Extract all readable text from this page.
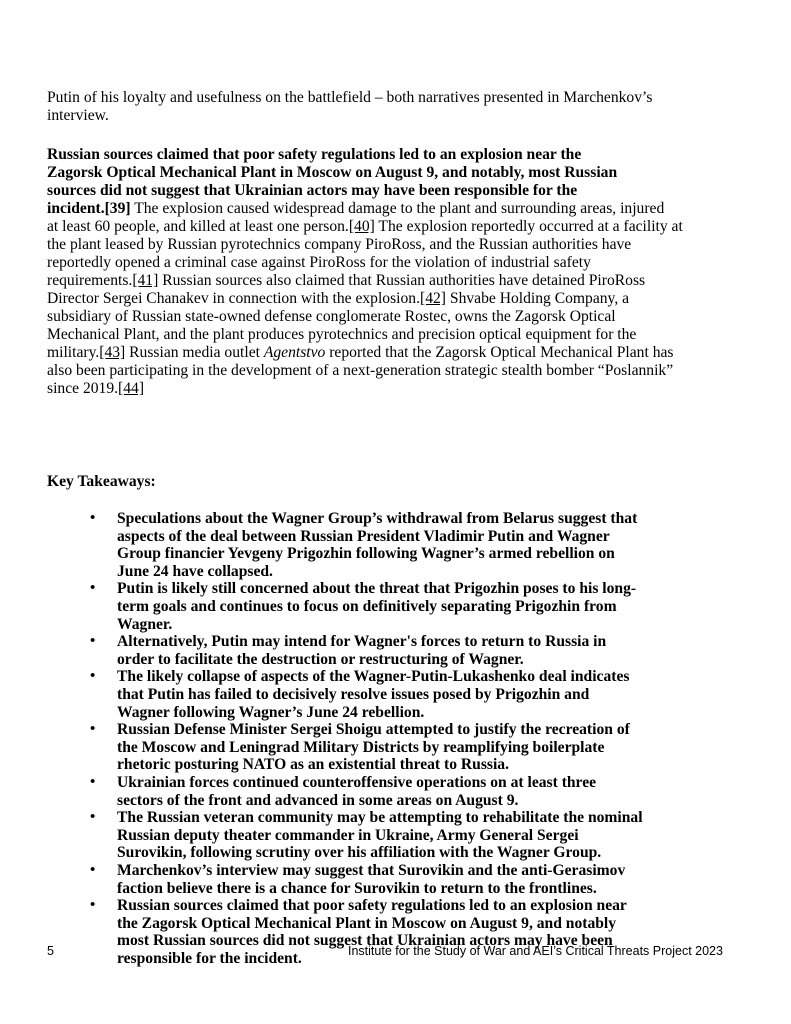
Putin of his loyalty and usefulness on the battlefield – both narratives presented in Marchenkov’s
interview.
Russian sources claimed that poor safety regulations led to an explosion near the
Zagorsk Optical Mechanical Plant in Moscow on August 9, and notably, most Russian
sources did not suggest that Ukrainian actors may have been responsible for the
incident.[39] The explosion caused widespread damage to the plant and surrounding areas, injured
at least 60 people, and killed at least one person.[40] The explosion reportedly occurred at a facility at
the plant leased by Russian pyrotechnics company PiroRoss, and the Russian authorities have
reportedly opened a criminal case against PiroRoss for the violation of industrial safety
requirements.[41] Russian sources also claimed that Russian authorities have detained PiroRoss
Director Sergei Chanakev in connection with the explosion.[42] Shvabe Holding Company, a
subsidiary of Russian state-owned defense conglomerate Rostec, owns the Zagorsk Optical
Mechanical Plant, and the plant produces pyrotechnics and precision optical equipment for the
military.[43] Russian media outlet Agentstvo reported that the Zagorsk Optical Mechanical Plant has
also been participating in the development of a next-generation strategic stealth bomber “Poslannik”
since 2019.[44]
Key Takeaways:
• Speculations about the Wagner Group’s withdrawal from Belarus suggest that
aspects of the deal between Russian President Vladimir Putin and Wagner
Group financier Yevgeny Prigozhin following Wagner’s armed rebellion on
June 24 have collapsed.
• Putin is likely still concerned about the threat that Prigozhin poses to his long-
term goals and continues to focus on definitively separating Prigozhin from
Wagner.
• Alternatively, Putin may intend for Wagner's forces to return to Russia in
order to facilitate the destruction or restructuring of Wagner.
• The likely collapse of aspects of the Wagner-Putin-Lukashenko deal indicates
that Putin has failed to decisively resolve issues posed by Prigozhin and
Wagner following Wagner’s June 24 rebellion.
• Russian Defense Minister Sergei Shoigu attempted to justify the recreation of
the Moscow and Leningrad Military Districts by reamplifying boilerplate
rhetoric posturing NATO as an existential threat to Russia.
• Ukrainian forces continued counteroffensive operations on at least three
sectors of the front and advanced in some areas on August 9.
• The Russian veteran community may be attempting to rehabilitate the nominal
Russian deputy theater commander in Ukraine, Army General Sergei
Surovikin, following scrutiny over his affiliation with the Wagner Group.
• Marchenkov’s interview may suggest that Surovikin and the anti-Gerasimov
faction believe there is a chance for Surovikin to return to the frontlines.
• Russian sources claimed that poor safety regulations led to an explosion near
the Zagorsk Optical Mechanical Plant in Moscow on August 9, and notably
most Russian sources did not suggest that Ukrainian actors may have been
responsible for the incident.
5	Institute for the Study of War and AEI’s Critical Threats Project 2023
